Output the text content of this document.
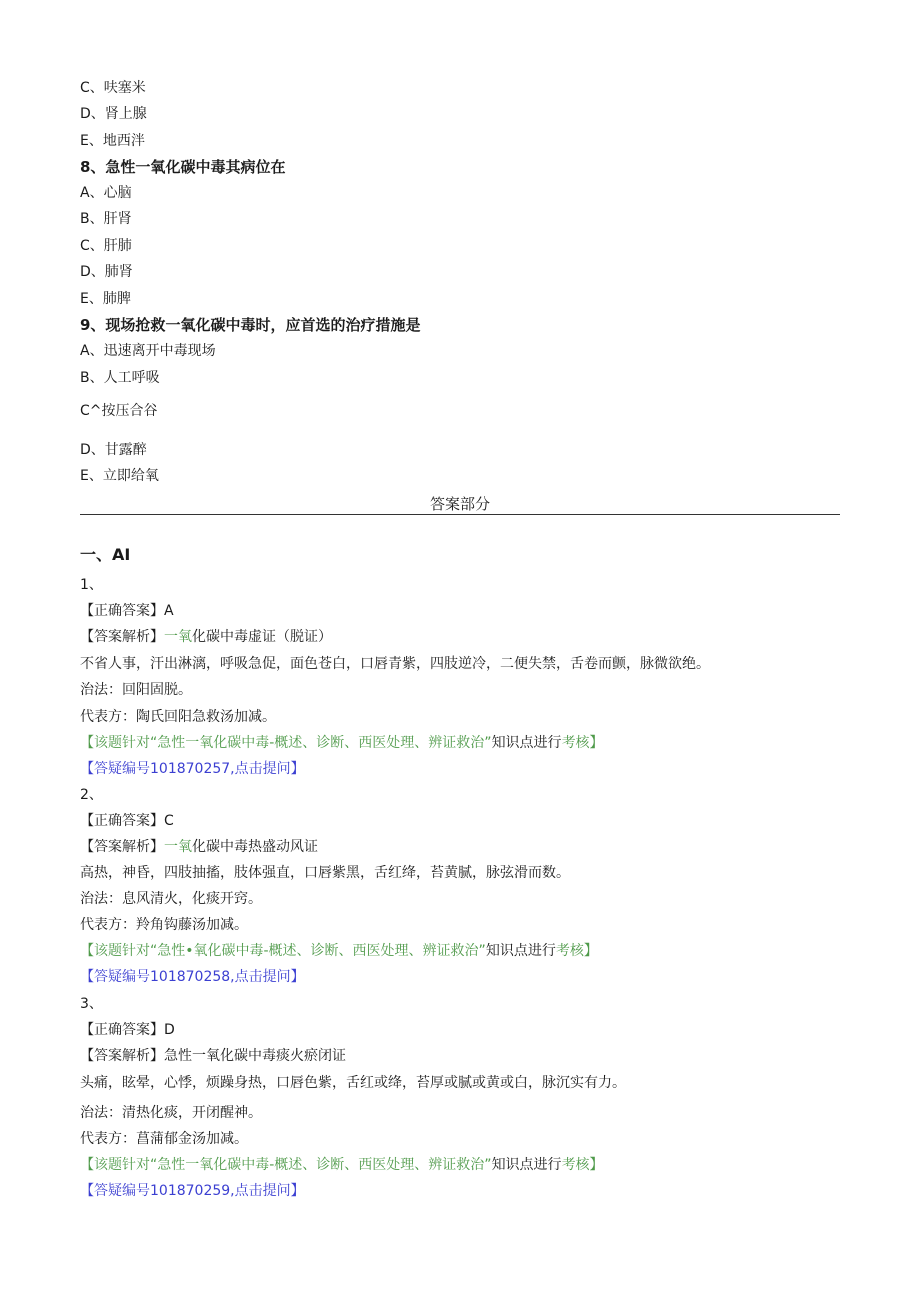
C、呋塞米
D、肾上腺
E、地西泮
8、急性一氧化碳中毒其病位在
A、心脑
B、肝肾
C、肝肺
D、肺肾
E、肺脾
9、现场抢救一氧化碳中毒时，应首选的治疗措施是
A、迅速离开中毒现场
B、人工呼吸
C^按压合谷
D、甘露醉
E、立即给氧
答案部分
一、AI
1、
【正确答案】A
【答案解析】一氧化碳中毒虚证（脱证）
不省人事，汗出淋漓，呼吸急促，面色苍白，口唇青紫，四肢逆冷，二便失禁，舌卷而颤，脉微欲绝。
治法：回阳固脱。
代表方：陶氏回阳急救汤加减。
【该题针对“急性一氧化碳中毒-概述、诊断、西医处理、辨证救治”知识点进行考核】
【答疑编号101870257,点击提问】
2、
【正确答案】C
【答案解析】一氧化碳中毒热盛动风证
高热，神昏，四肢抽搐，肢体强直，口唇紫黑，舌红绛，苔黄腻，脉弦滑而数。
治法：息风清火，化痰开窍。
代表方：羚角钩藤汤加减。
【该题针对“急性•氧化碳中毒-概述、诊断、西医处理、辨证救治”知识点进行考核】
【答疑编号101870258,点击提问】
3、
【正确答案】D
【答案解析】急性一氧化碳中毒痰火瘀闭证
头痛，眩晕，心悸，烦躁身热，口唇色紫，舌红或绛，苔厚或腻或黄或白，脉沉实有力。
治法：清热化痰，开闭醒神。
代表方：菖蒲郁金汤加减。
【该题针对“急性一氧化碳中毒-概述、诊断、西医处理、辨证救治”知识点进行考核】
【答疑编号101870259,点击提问】
